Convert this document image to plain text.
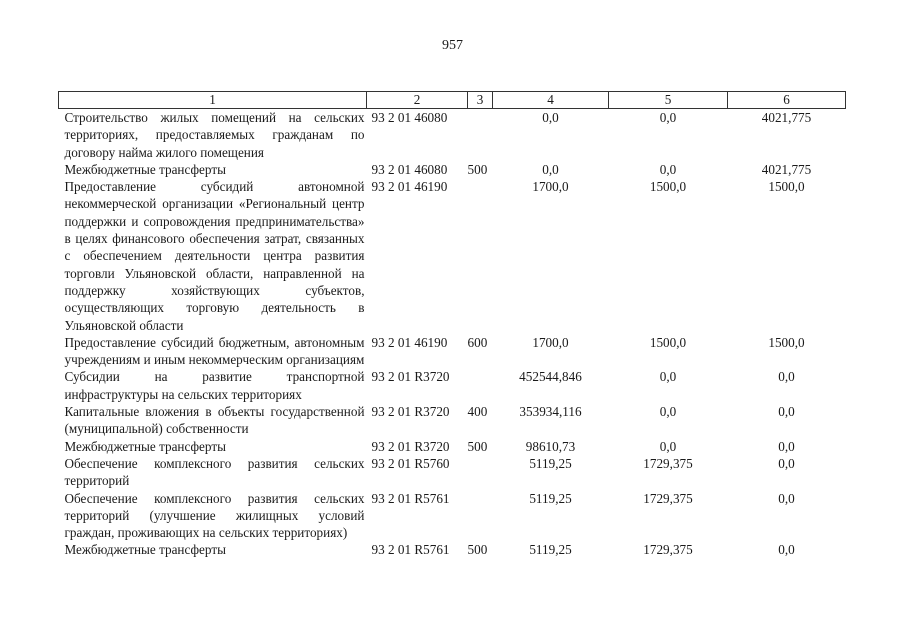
957
1	2	3	4	5	6
Строительство жилых помещений на сельских территориях, предоставляемых гражданам по договору найма жилого помещения	93 2 01 46080		0,0	0,0	4021,775
Межбюджетные трансферты	93 2 01 46080	500	0,0	0,0	4021,775
Предоставление субсидий автономной некоммерческой организации «Региональный центр поддержки и сопровождения предпринимательства» в целях финансового обеспечения затрат, связанных с обеспечением деятельности центра развития торговли Ульяновской области, направленной на поддержку хозяйствующих субъектов, осуществляющих торговую деятельность в Ульяновской области	93 2 01 46190		1700,0	1500,0	1500,0
Предоставление субсидий бюджетным, автономным учреждениям и иным некоммерческим организациям	93 2 01 46190	600	1700,0	1500,0	1500,0
Субсидии на развитие транспортной инфраструктуры на сельских территориях	93 2 01 R3720		452544,846	0,0	0,0
Капитальные вложения в объекты государственной (муниципальной) собственности	93 2 01 R3720	400	353934,116	0,0	0,0
Межбюджетные трансферты	93 2 01 R3720	500	98610,73	0,0	0,0
Обеспечение комплексного развития сельских территорий	93 2 01 R5760		5119,25	1729,375	0,0
Обеспечение комплексного развития сельских территорий (улучшение жилищных условий граждан, проживающих на сельских территориях)	93 2 01 R5761		5119,25	1729,375	0,0
Межбюджетные трансферты	93 2 01 R5761	500	5119,25	1729,375	0,0
